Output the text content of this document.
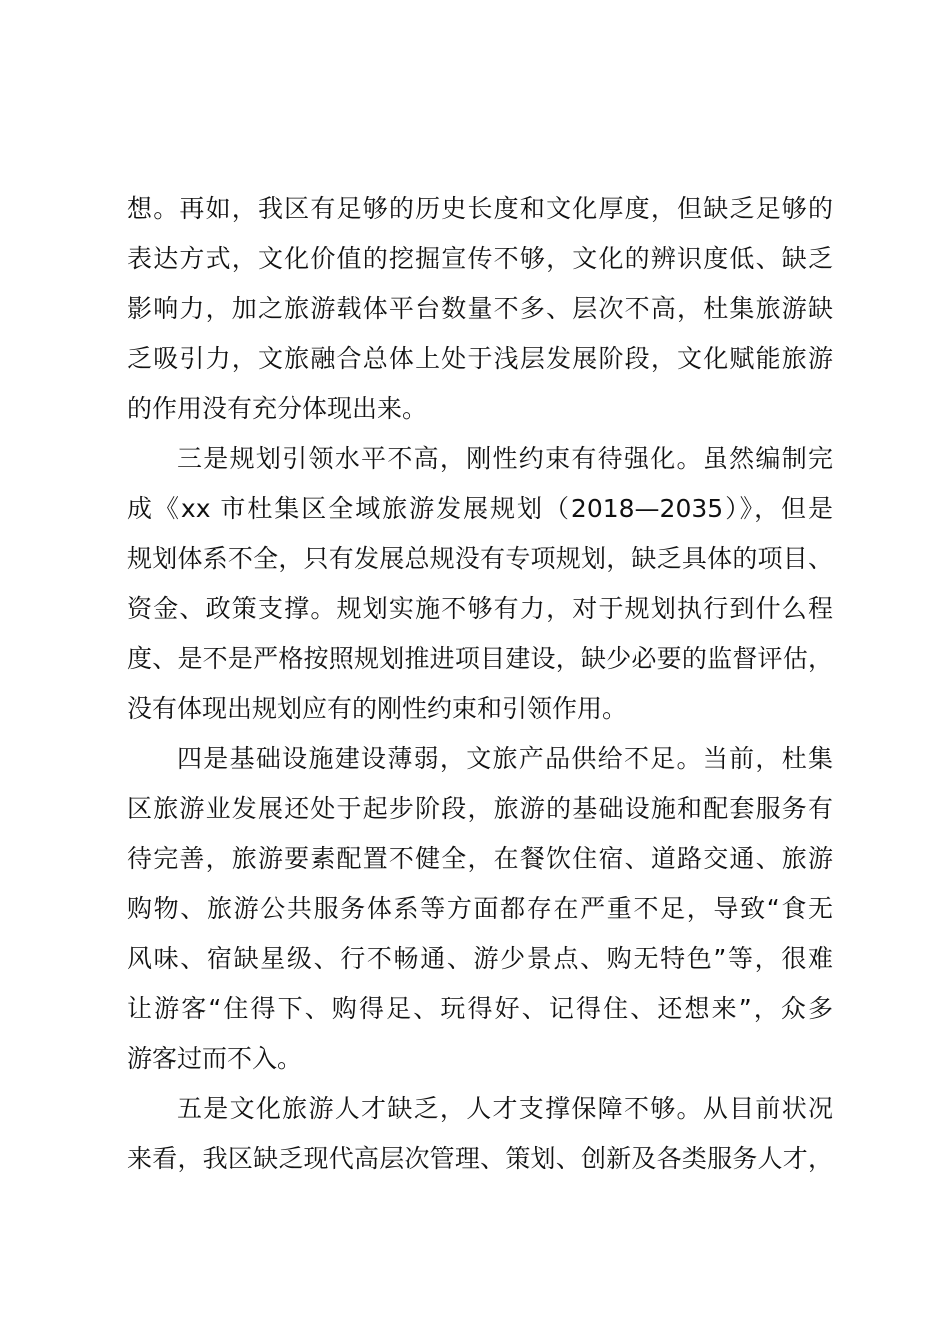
想。再如，我区有足够的历史长度和文化厚度，但缺乏足够的
表达方式，文化价值的挖掘宣传不够，文化的辨识度低、缺乏
影响力，加之旅游载体平台数量不多、层次不高，杜集旅游缺
乏吸引力，文旅融合总体上处于浅层发展阶段，文化赋能旅游
的作用没有充分体现出来。
三是规划引领水平不高，刚性约束有待强化。虽然编制完
成《xx 市杜集区全域旅游发展规划（2018—2035）》，但是
规划体系不全，只有发展总规没有专项规划，缺乏具体的项目、
资金、政策支撑。规划实施不够有力，对于规划执行到什么程
度、是不是严格按照规划推进项目建设，缺少必要的监督评估，
没有体现出规划应有的刚性约束和引领作用。
四是基础设施建设薄弱，文旅产品供给不足。当前，杜集
区旅游业发展还处于起步阶段，旅游的基础设施和配套服务有
待完善，旅游要素配置不健全，在餐饮住宿、道路交通、旅游
购物、旅游公共服务体系等方面都存在严重不足，导致“食无
风味、宿缺星级、行不畅通、游少景点、购无特色”等，很难
让游客“住得下、购得足、玩得好、记得住、还想来”，众多
游客过而不入。
五是文化旅游人才缺乏，人才支撑保障不够。从目前状况
来看，我区缺乏现代高层次管理、策划、创新及各类服务人才，
